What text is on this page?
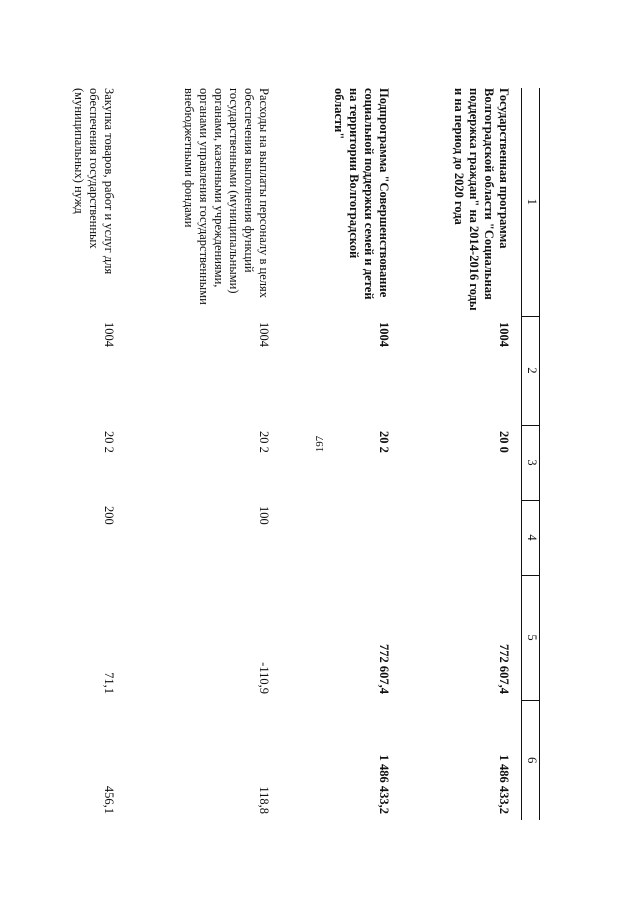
197
1	2	3	4	5	6
Государственная программа Волгоградской области "Социальная поддержка граждан" на 2014-2016 годы и на период до 2020 года	1004	20 0		772 607,4	1 486 433,2
Подпрограмма "Совершенствование социальной поддержки семей и детей на территории Волгоградской области"	1004	20 2		772 607,4	1 486 433,2
Расходы на выплаты персоналу в целях обеспечения выполнения функций государственными (муниципальными) органами, казенными учреждениями, органами управления государственными внебюджетными фондами	1004	20 2	100	-110,9	118,8
Закупка товаров, работ и услуг для обеспечения государственных (муниципальных) нужд	1004	20 2	200	71,1	456,1
